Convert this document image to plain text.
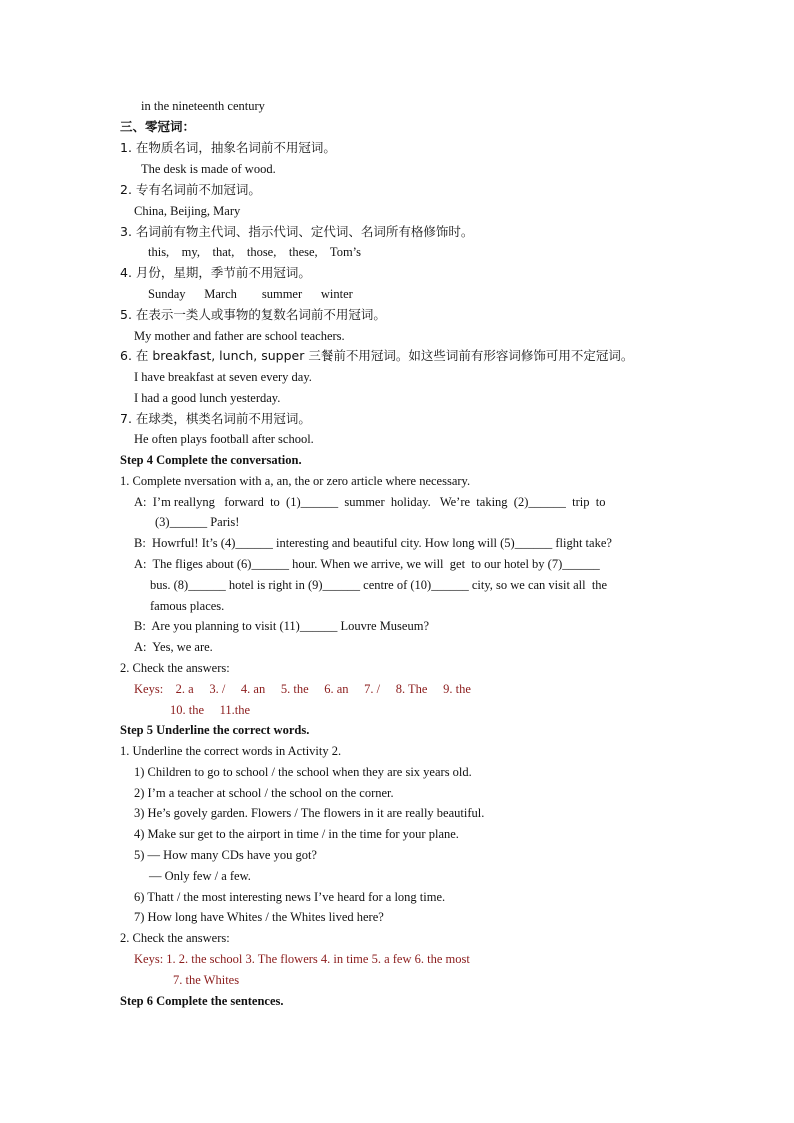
in the nineteenth century
三、零冠词：
1. 在物质名词，抽象名词前不用冠词。
The desk is made of wood.
2. 专有名词前不加冠词。
China, Beijing, Mary
3. 名词前有物主代词、指示代词、定代词、名词所有格修饰时。
this,    my,    that,    those,    these,    Tom’s
4. 月份，星期，季节前不用冠词。
Sunday      March        summer      winter
5. 在表示一类人或事物的复数名词前不用冠词。
My mother and father are school teachers.
6. 在 breakfast, lunch, supper 三餐前不用冠词。如这些词前有形容词修饰可用不定冠词。
I have breakfast at seven every day.
I had a good lunch yesterday.
7. 在球类，棋类名词前不用冠词。
He often plays football after school.
Step 4 Complete the conversation.
1. Complete nversation with a, an, the or zero article where necessary.
A:  I’m reallyng   forward  to  (1)______  summer  holiday.   We’re  taking  (2)______  trip  to
(3)______ Paris!
B:  Howrful! It’s (4)______ interesting and beautiful city. How long will (5)______ flight take?
A:  The fliges about (6)______ hour. When we arrive, we will  get  to our hotel by (7)______
bus. (8)______ hotel is right in (9)______ centre of (10)______ city, so we can visit all  the
famous places.
B:  Are you planning to visit (11)______ Louvre Museum?
A:  Yes, we are.
2. Check the answers:
Keys:    2. a     3. /     4. an     5. the     6. an     7. /     8. The     9. the
10. the     11.the
Step 5 Underline the correct words.
1. Underline the correct words in Activity 2.
1) Children to go to school / the school when they are six years old.
2) I’m a teacher at school / the school on the corner.
3) He’s govely garden. Flowers / The flowers in it are really beautiful.
4) Make sur get to the airport in time / in the time for your plane.
5) — How many CDs have you got?
— Only few / a few.
6) Thatt / the most interesting news I’ve heard for a long time.
7) How long have Whites / the Whites lived here?
2. Check the answers:
Keys: 1. 2. the school 3. The flowers 4. in time 5. a few 6. the most
7. the Whites
Step 6 Complete the sentences.
